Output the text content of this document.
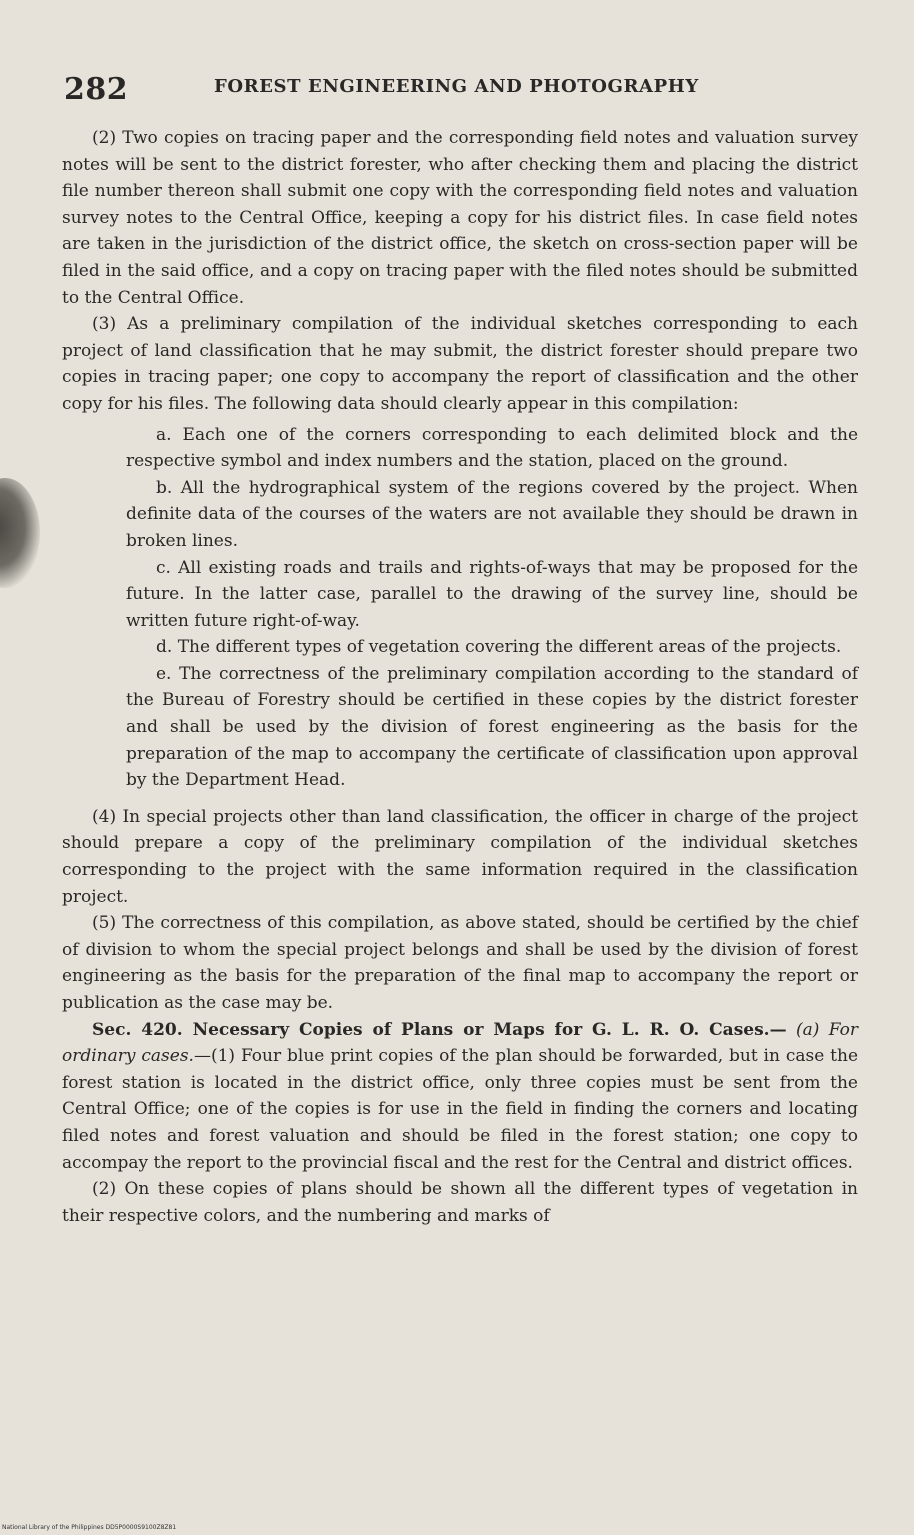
282	FOREST ENGINEERING AND PHOTOGRAPHY

(2) Two copies on tracing paper and the corresponding field notes and valuation survey notes will be sent to the district forester, who after checking them and placing the district file number thereon shall submit one copy with the corresponding field notes and valuation survey notes to the Central Office, keeping a copy for his district files. In case field notes are taken in the jurisdiction of the district office, the sketch on cross-section paper will be filed in the said office, and a copy on tracing paper with the filed notes should be submitted to the Central Office.

(3) As a preliminary compilation of the individual sketches corresponding to each project of land classification that he may submit, the district forester should prepare two copies in tracing paper; one copy to accompany the report of classification and the other copy for his files. The following data should clearly appear in this compilation:

a. Each one of the corners corresponding to each delimited block and the respective symbol and index numbers and the station, placed on the ground.

b. All the hydrographical system of the regions covered by the project. When definite data of the courses of the waters are not available they should be drawn in broken lines.

c. All existing roads and trails and rights-of-ways that may be proposed for the future. In the latter case, parallel to the drawing of the survey line, should be written future right-of-way.

d. The different types of vegetation covering the different areas of the projects.

e. The correctness of the preliminary compilation according to the standard of the Bureau of Forestry should be certified in these copies by the district forester and shall be used by the division of forest engineering as the basis for the preparation of the map to accompany the certificate of classification upon approval by the Department Head.

(4) In special projects other than land classification, the officer in charge of the project should prepare a copy of the preliminary compilation of the individual sketches corresponding to the project with the same information required in the classification project.

(5) The correctness of this compilation, as above stated, should be certified by the chief of division to whom the special project belongs and shall be used by the division of forest engineering as the basis for the preparation of the final map to accompany the report or publication as the case may be.

Sec. 420. Necessary Copies of Plans or Maps for G. L. R. O. Cases.— (a) For ordinary cases.—(1) Four blue print copies of the plan should be forwarded, but in case the forest station is located in the district office, only three copies must be sent from the Central Office; one of the copies is for use in the field in finding the corners and locating filed notes and forest valuation and should be filed in the forest station; one copy to accompay the report to the provincial fiscal and the rest for the Central and district offices.

(2) On these copies of plans should be shown all the different types of vegetation in their respective colors, and the numbering and marks of

National Library of the Philippines DD5P0000S9100Z8Z81
